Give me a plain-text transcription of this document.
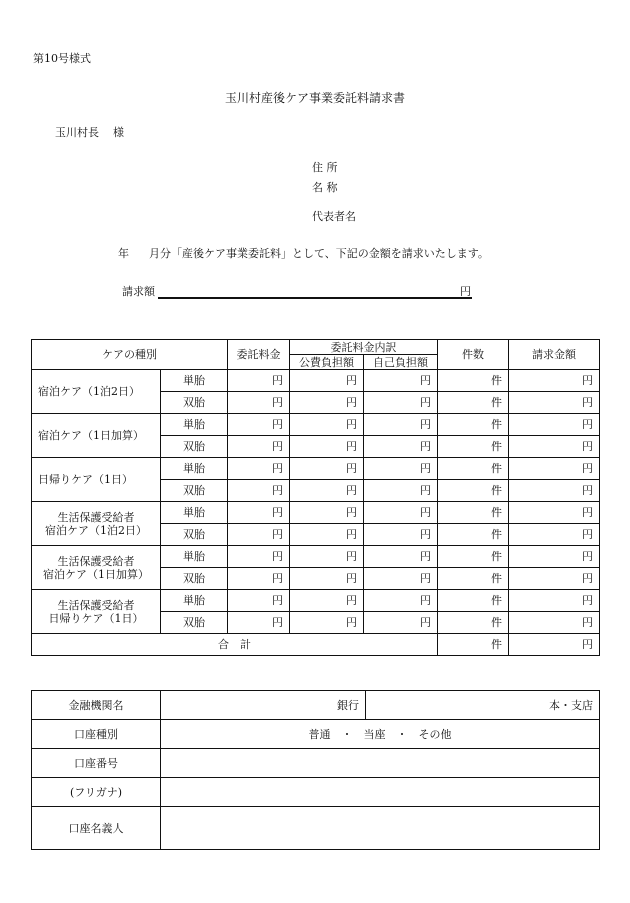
第10号様式
玉川村産後ケア事業委託料請求書
玉川村長 様
住 所
名 称
代表者名
年 月分「産後ケア事業委託料」として、下記の金額を請求いたします。
請求額	円
ケアの種別		委託料金	委託料金内訳		件数	請求金額
			公費負担額	自己負担額		
宿泊ケア（1泊2日）	単胎	円	円	円	件	円
	双胎	円	円	円	件	円
宿泊ケア（1日加算）	単胎	円	円	円	件	円
	双胎	円	円	円	件	円
日帰りケア（1日）	単胎	円	円	円	件	円
	双胎	円	円	円	件	円

生活保護受給者
宿泊ケア（1泊2日）	単胎	円	円	円	件	円
	双胎	円	円	円	件	円

生活保護受給者
宿泊ケア（1日加算）	単胎	円	円	円	件	円
	双胎	円	円	円	件	円

生活保護受給者
日帰りケア（1日）	単胎	円	円	円	件	円
	双胎	円	円	円	件	円
合　計					件	円
金融機関名	銀行	本・支店
口座種別	普通　・　当座　・　その他	
口座番号		
(フリガナ)		
口座名義人		
